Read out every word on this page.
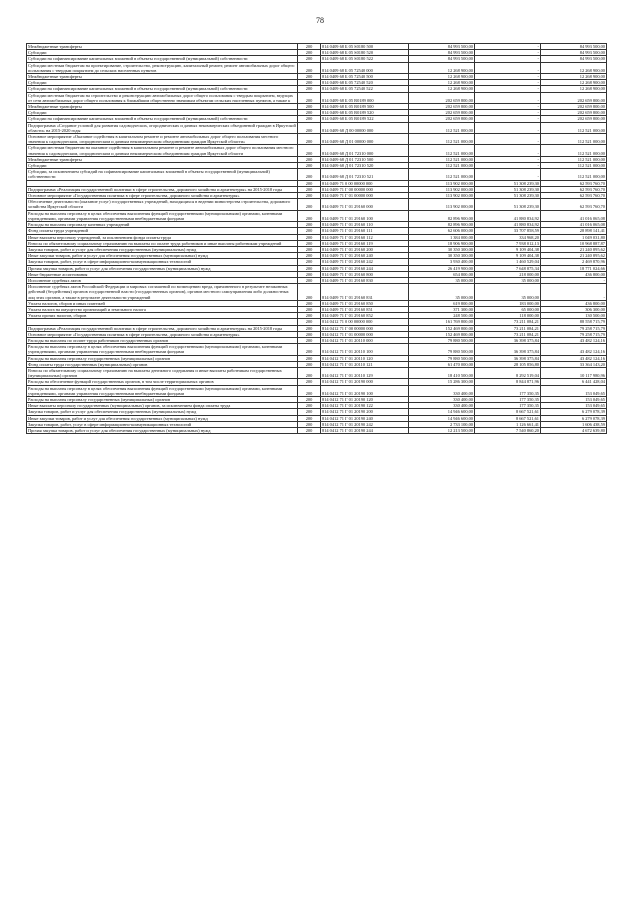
78
Межбюджетные трансферты	200	814 0409 68 Б 05 S0180 500	84 993 500,00	-	84 993 500,00
Субсидии	200	814 0409 68 Б 05 S0180 520	84 993 500,00	-	84 993 500,00
Субсидии на софинансирование капитальных вложений в объекты государственной (муниципальной) собственности	200	814 0409 68 Б 05 S0180 522	84 993 500,00	-	84 993 500,00
Субсидии местным бюджетам на проектирование, строительство, реконструкцию, капитальный ремонт, ремонт автомобильных дорог общего пользования с твердым покрытием до сельских населенных пунктов	200	814 0409 68 Б 05 72540 000	12 268 900,00	-	12 268 900,00
Межбюджетные трансферты	200	814 0409 68 Б 05 72540 500	12 268 900,00	-	12 268 900,00
Субсидии	200	814 0409 68 Б 05 72540 520	12 268 900,00	-	12 268 900,00
Субсидии на софинансирование капитальных вложений в объекты государственной (муниципальной) собственности	200	814 0409 68 Б 05 72540 522	12 268 900,00	-	12 268 900,00
Субсидии местным бюджетам на строительство и реконструкцию автомобильных дорог общего пользования с твердым покрытием, ведущих от сети автомобильных дорог общего пользования к ближайшим общественно значимым объектам сельских населенных пунктов, а также к	200	814 0409 68 Б 05 R0189 000	202 659 800,00	-	202 659 800,00
Межбюджетные трансферты	200	814 0409 68 Б 05 R0189 500	202 659 800,00	-	202 659 800,00
Субсидии	200	814 0409 68 Б 05 R0189 520	202 659 800,00	-	202 659 800,00
Субсидии на софинансирование капитальных вложений в объекты государственной (муниципальной) собственности	200	814 0409 68 Б 05 R0189 522	202 659 800,00	-	202 659 800,00
Подпрограмма «Создание условий для развития садоводческих, огороднических и дачных некоммерческих объединений граждан в Иркутской области» на 2015-2020 годы	200	814 0409 68 Д 00 00000 000	112 521 000,00	-	112 521 000,00
Основное мероприятие «Оказание содействия в капитальном ремонте и ремонте автомобильных дорог общего пользования местного значения к садоводческим, огородническим и дачным некоммерческим объединениям граждан Иркутской области»	200	814 0409 68 Д 01 00000 000	112 521 000,00	-	112 521 000,00
Субсидии местным бюджетам на оказание содействия в капитальном ремонте и ремонте автомобильных дорог общего пользования местного значения к садоводческим, огородническим и дачным некоммерческим объединениям граждан Иркутской области	200	814 0409 68 Д 01 72310 000	112 521 000,00	-	112 521 000,00
Межбюджетные трансферты	200	814 0409 68 Д 01 72310 500	112 521 000,00	-	112 521 000,00
Субсидии	200	814 0409 68 Д 01 72310 520	112 521 000,00	-	112 521 000,00
Субсидии, за исключением субсидий на софинансирование капитальных вложений в объекты государственной (муниципальной) собственности	200	814 0409 68 Д 01 72310 521	112 521 000,00	-	112 521 000,00
	200	814 0409 71 0 00 00000 000	113 902 000,00	51 308 239,30	62 593 760,70
Подпрограмма «Реализация государственной политики в сфере строительства, дорожного хозяйства и архитектуры» на 2015-2018 годы	200	814 0409 71 Г 00 00000 000	113 902 000,00	51 308 239,30	62 593 760,70
Основное мероприятие «Государственная политика в сфере строительства, дорожного хозяйства и архитектуры»	200	814 0409 71 Г 01 00000 000	113 902 000,00	51 308 239,30	62 593 760,70
Обеспечение деятельности (оказание услуг) государственных учреждений, находящихся в ведении министерства строительства, дорожного хозяйства Иркутской области	200	814 0409 71 Г 01 29160 000	113 902 000,00	51 308 239,30	62 593 760,70
Расходы на выплаты персоналу в целях обеспечения выполнения функций государственными (муниципальными) органами, казенными учреждениями, органами управления государственными внебюджетными фондами	200	814 0409 71 Г 01 29160 100	82 896 900,00	41 880 834,92	41 016 065,08
Расходы на выплаты персоналу казенных учреждений	200	814 0409 71 Г 01 29160 110	82 896 900,00	41 880 834,92	41 016 065,08
Фонд оплаты труда учреждений	200	814 0409 71 Г 01 29160 111	62 606 000,00	33 707 858,59	28 898 141,41
Иные выплаты персоналу учреждений, за исключением фонда оплаты труда	200	814 0409 71 Г 01 29160 112	1 384 000,00	334 968,20	1 049 031,80
Взносы по обязательному социальному страхованию на выплаты по оплате труда работников и иные выплаты работникам учреждений	200	814 0409 71 Г 01 29160 119	18 906 900,00	7 938 012,13	10 968 887,87
Закупка товаров, работ и услуг для обеспечения государственных (муниципальных) нужд	200	814 0409 71 Г 01 29160 200	30 350 300,00	9 109 404,38	21 240 895,62
Иные закупки товаров, работ и услуг для обеспечения государственных (муниципальных) нужд	200	814 0409 71 Г 01 29160 240	30 350 300,00	9 109 404,38	21 240 895,62
Закупка товаров, работ, услуг в сфере информационно-коммуникационных технологий	200	814 0409 71 Г 01 29160 242	3 930 400,00	1 460 529,04	2 469 870,96
Прочая закупка товаров, работ и услуг для обеспечения государственных (муниципальных) нужд	200	814 0409 71 Г 01 29160 244	26 419 900,00	7 648 875,34	18 771 024,66
Иные бюджетные ассигнования	200	814 0409 71 Г 01 29160 800	654 800,00	218 000,00	436 800,00
Исполнение судебных актов	200	814 0409 71 Г 01 29160 830	35 000,00	35 000,00	-
Исполнение судебных актов Российской Федерации и мировых соглашений по возмещению вреда, причиненного в результате незаконных действий (бездействия) органов государственной власти (государственных органов), органов местного самоуправления либо должностных лиц этих органов, а также в результате деятельности учреждений	200	814 0409 71 Г 01 29160 831	35 000,00	35 000,00	-
Уплата налогов, сборов и иных платежей	200	814 0409 71 Г 01 29160 850	619 800,00	183 000,00	436 800,00
Уплата налога на имущество организаций и земельного налога	200	814 0409 71 Г 01 29160 851	371 300,00	65 000,00	306 300,00
Уплата прочих налогов, сборов	200	814 0409 71 Г 01 29160 852	248 500,00	118 000,00	130 500,00
	200	814 0412 71 0 00 00000 000	161 769 800,00	73 211 084,21	88 558 715,79
Подпрограмма «Реализация государственной политики в сфере строительства, дорожного хозяйства и архитектуры» на 2015-2018 годы	200	814 0412 71 Г 00 00000 000	152 469 800,00	73 211 084,21	79 258 715,79
Основное мероприятие «Государственная политика в сфере строительства, дорожного хозяйства и архитектуры»	200	814 0412 71 Г 01 00000 000	152 469 800,00	73 211 084,21	79 258 715,79
Расходы на выплаты по оплате труда работников государственных органов	200	814 0412 71 Г 01 20110 000	79 880 500,00	36 398 375,84	43 482 124,16
Расходы на выплаты персоналу в целях обеспечения выполнения функций государственными (муниципальными) органами, казенными учреждениями, органами управления государственными внебюджетными фондами	200	814 0412 71 Г 01 20110 100	79 880 500,00	36 398 375,84	43 482 124,16
Расходы на выплаты персоналу государственных (муниципальных) органов	200	814 0412 71 Г 01 20110 120	79 880 500,00	36 398 375,84	43 482 124,16
Фонд оплаты труда государственных (муниципальных) органов	200	814 0412 71 Г 01 20110 121	61 470 000,00	28 105 856,80	33 364 143,20
Взносы по обязательному социальному страхованию на выплаты денежного содержания и иные выплаты работникам государственных (муниципальных) органов	200	814 0412 71 Г 01 20110 129	18 410 500,00	8 292 519,04	10 117 980,96
Расходы на обеспечение функций государственных органов, в том числе территориальных органов	200	814 0412 71 Г 01 20190 000	15 286 300,00	8 844 871,96	6 441 428,04
Расходы на выплаты персоналу в целях обеспечения выполнения функций государственными (муниципальными) органами, казенными учреждениями, органами управления государственными внебюджетными фондами	200	814 0412 71 Г 01 20190 100	330 400,00	177 350,35	153 049,65
Расходы на выплаты персоналу государственных (муниципальных) органов	200	814 0412 71 Г 01 20190 120	330 400,00	177 350,35	153 049,65
Иные выплаты персоналу государственных (муниципальных) органов, за исключением фонда оплаты труда	200	814 0412 71 Г 01 20190 122	330 400,00	177 350,35	153 049,65
Закупка товаров, работ и услуг для обеспечения государственных (муниципальных) нужд	200	814 0412 71 Г 01 20190 200	14 946 600,00	8 667 521,61	6 279 078,39
Иные закупки товаров, работ и услуг для обеспечения государственных (муниципальных) нужд	200	814 0412 71 Г 01 20190 240	14 946 600,00	8 667 521,61	6 279 078,39
Закупка товаров, работ, услуг в сфере информационно-коммуникационных технологий	200	814 0412 71 Г 01 20190 242	2 733 100,00	1 126 661,41	1 606 438,59
Прочая закупка товаров, работ и услуг для обеспечения государственных (муниципальных) нужд	200	814 0412 71 Г 01 20190 244	12 213 500,00	7 540 860,20	4 672 639,80
